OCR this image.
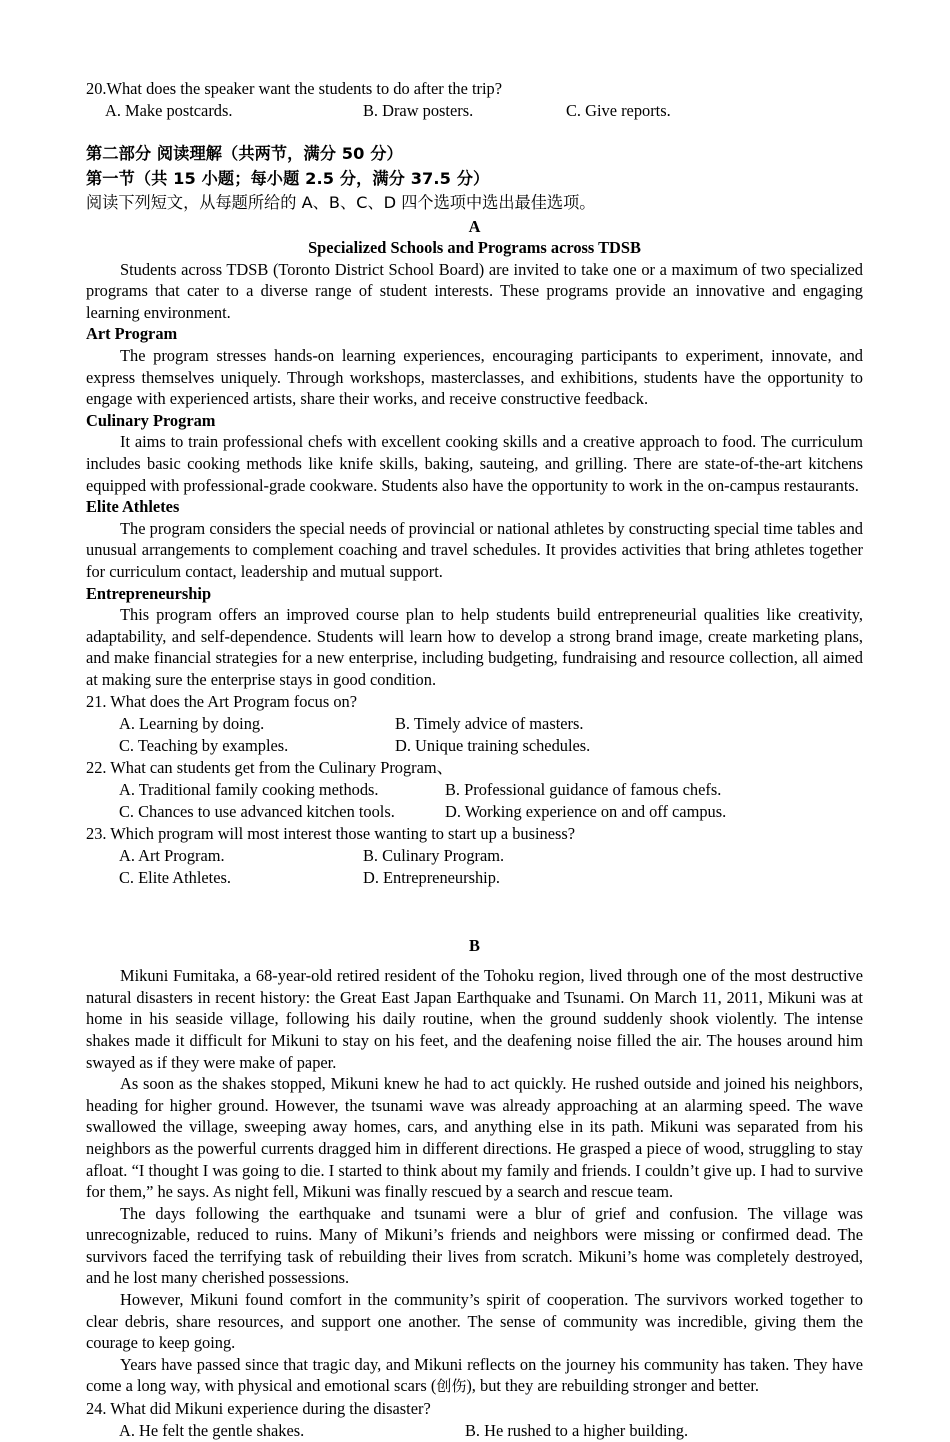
20.What does the speaker want the students to do after the trip?
A. Make postcards.	B. Draw posters.	C. Give reports.
第二部分 阅读理解（共两节，满分 50 分）
第一节（共 15 小题；每小题 2.5 分，满分 37.5 分）
阅读下列短文，从每题所给的 A、B、C、D 四个选项中选出最佳选项。
A
Specialized Schools and Programs across TDSB

Students across TDSB (Toronto District School Board) are invited to take one or a maximum of two specialized programs that cater to a diverse range of student interests. These programs provide an innovative and engaging learning environment.

Art Program

The program stresses hands-on learning experiences, encouraging participants to experiment, innovate, and express themselves uniquely. Through workshops, masterclasses, and exhibitions, students have the opportunity to engage with experienced artists, share their works, and receive constructive feedback.

Culinary Program

It aims to train professional chefs with excellent cooking skills and a creative approach to food. The curriculum includes basic cooking methods like knife skills, baking, sauteing, and grilling. There are state-of-the-art kitchens equipped with professional-grade cookware. Students also have the opportunity to work in the on-campus restaurants.

Elite Athletes

The program considers the special needs of provincial or national athletes by constructing special time tables and unusual arrangements to complement coaching and travel schedules. It provides activities that bring athletes together for curriculum contact, leadership and mutual support.

Entrepreneurship

This program offers an improved course plan to help students build entrepreneurial qualities like creativity, adaptability, and self-dependence. Students will learn how to develop a strong brand image, create marketing plans, and make financial strategies for a new enterprise, including budgeting, fundraising and resource collection, all aimed at making sure the enterprise stays in good condition.

21. What does the Art Program focus on?
A. Learning by doing.	B. Timely advice of masters.
C. Teaching by examples.	D. Unique training schedules.
22. What can students get from the Culinary Program、
A. Traditional family cooking methods.	B. Professional guidance of famous chefs.
C. Chances to use advanced kitchen tools.	D. Working experience on and off campus.
23. Which program will most interest those wanting to start up a business?
A. Art Program.	B. Culinary Program.
C. Elite Athletes.	D. Entrepreneurship.
B

Mikuni Fumitaka, a 68-year-old retired resident of the Tohoku region, lived through one of the most destructive natural disasters in recent history: the Great East Japan Earthquake and Tsunami. On March 11, 2011, Mikuni was at home in his seaside village, following his daily routine, when the ground suddenly shook violently. The intense shakes made it difficult for Mikuni to stay on his feet, and the deafening noise filled the air. The houses around him swayed as if they were make of paper.

As soon as the shakes stopped, Mikuni knew he had to act quickly. He rushed outside and joined his neighbors, heading for higher ground. However, the tsunami wave was already approaching at an alarming speed. The wave swallowed the village, sweeping away homes, cars, and anything else in its path. Mikuni was separated from his neighbors as the powerful currents dragged him in different directions. He grasped a piece of wood, struggling to stay afloat. “I thought I was going to die. I started to think about my family and friends. I couldn’t give up. I had to survive for them,” he says. As night fell, Mikuni was finally rescued by a search and rescue team.

The days following the earthquake and tsunami were a blur of grief and confusion. The village was unrecognizable, reduced to ruins. Many of Mikuni’s friends and neighbors were missing or confirmed dead. The survivors faced the terrifying task of rebuilding their lives from scratch. Mikuni’s home was completely destroyed, and he lost many cherished possessions.

However, Mikuni found comfort in the community’s spirit of cooperation. The survivors worked together to clear debris, share resources, and support one another. The sense of community was incredible, giving them the courage to keep going.

Years have passed since that tragic day, and Mikuni reflects on the journey his community has taken. They have come a long way, with physical and emotional scars (创伤), but they are rebuilding stronger and better.

24. What did Mikuni experience during the disaster?
A. He felt the gentle shakes.	B. He rushed to a higher building.
